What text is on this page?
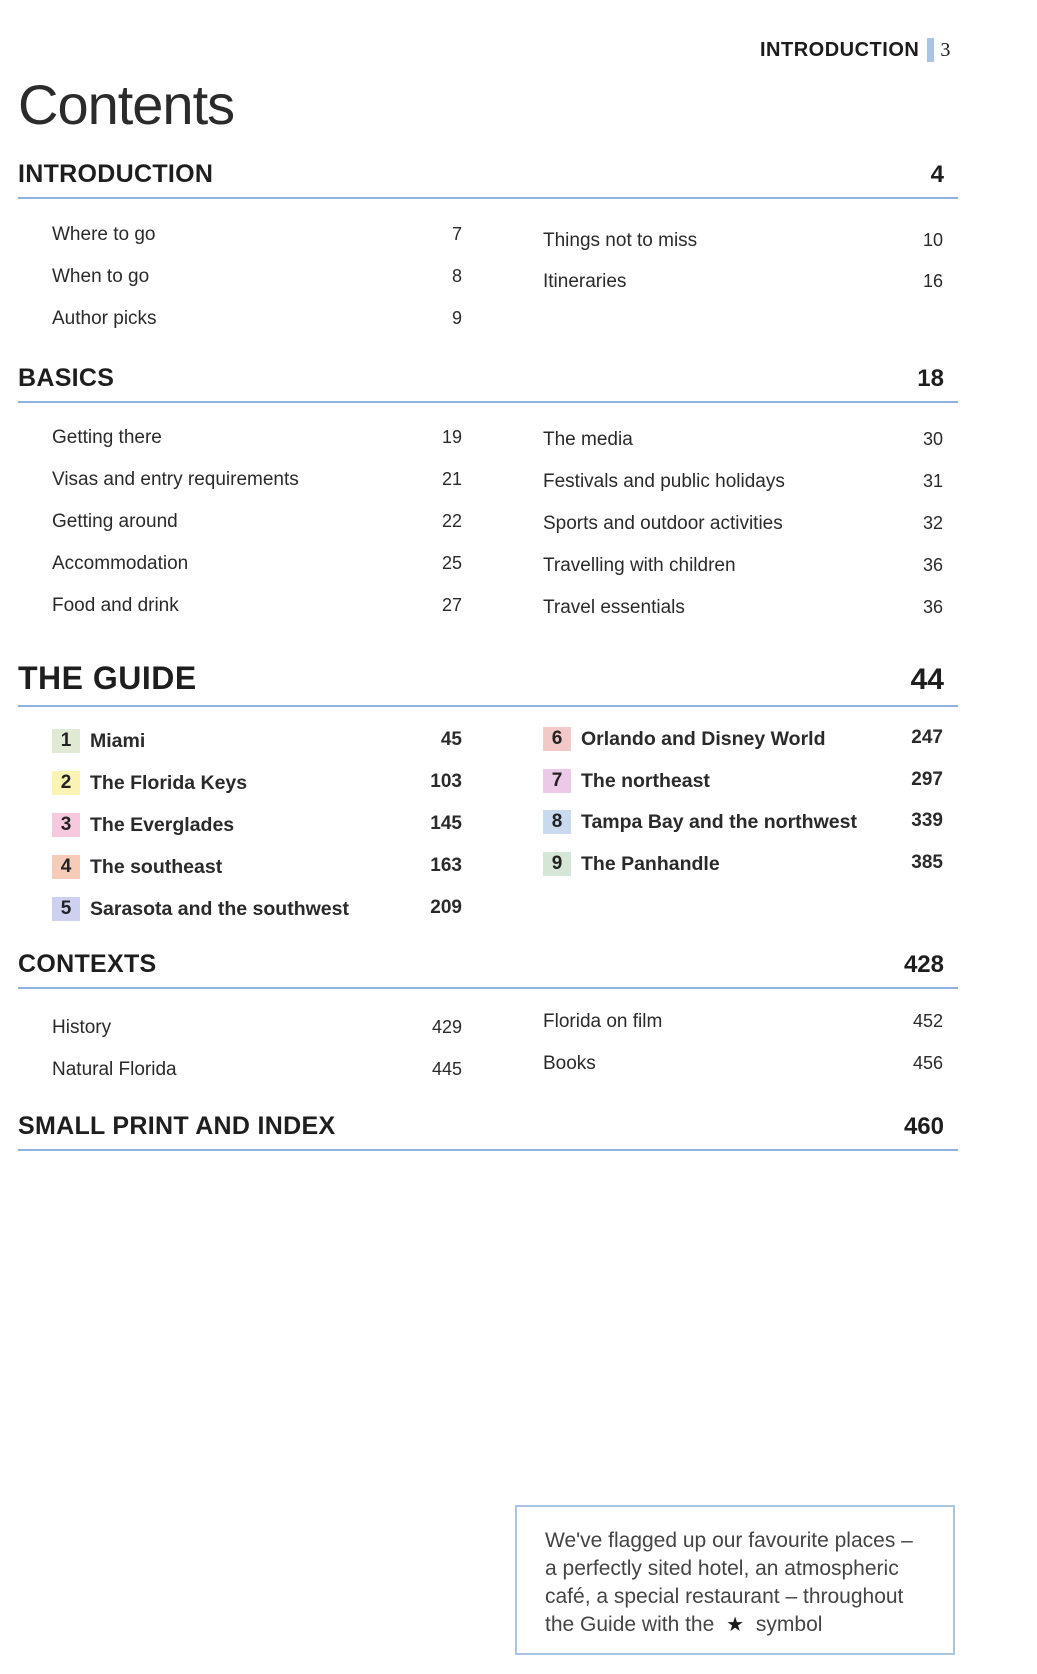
INTRODUCTION 3
Contents
INTRODUCTION	4
Where to go	7
When to go	8
Author picks	9
Things not to miss	10
Itineraries	16
BASICS	18
Getting there	19
Visas and entry requirements	21
Getting around	22
Accommodation	25
Food and drink	27
The media	30
Festivals and public holidays	31
Sports and outdoor activities	32
Travelling with children	36
Travel essentials	36
THE GUIDE	44
1 Miami	45
2 The Florida Keys	103
3 The Everglades	145
4 The southeast	163
5 Sarasota and the southwest	209
6 Orlando and Disney World	247
7 The northeast	297
8 Tampa Bay and the northwest	339
9 The Panhandle	385
CONTEXTS	428
History	429
Natural Florida	445
Florida on film	452
Books	456
SMALL PRINT AND INDEX	460
We've flagged up our favourite places – a perfectly sited hotel, an atmospheric café, a special restaurant – throughout the Guide with the ★ symbol
